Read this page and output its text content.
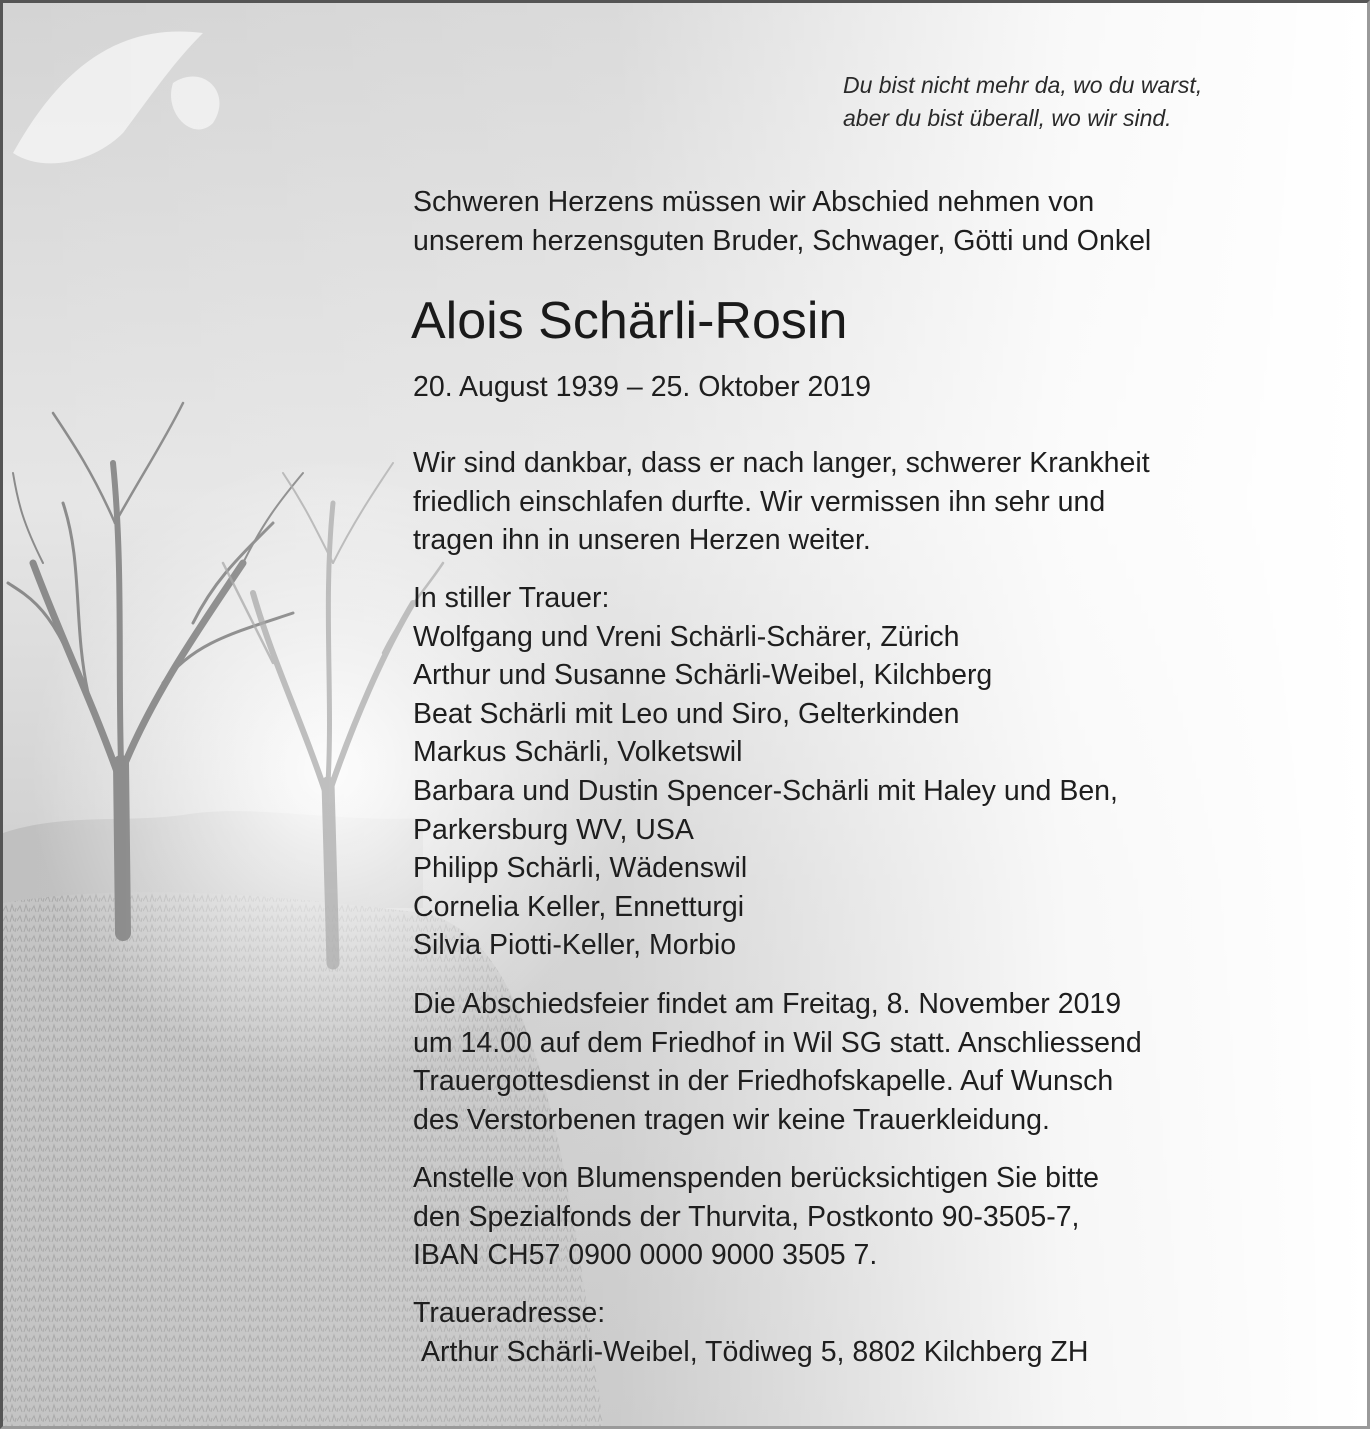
Du bist nicht mehr da, wo du warst,
aber du bist überall, wo wir sind.
Schweren Herzens müssen wir Abschied nehmen von
unserem herzensguten Bruder, Schwager, Götti und Onkel
Alois Schärli-Rosin
20. August 1939 – 25. Oktober 2019
Wir sind dankbar, dass er nach langer, schwerer Krankheit
friedlich einschlafen durfte. Wir vermissen ihn sehr und
tragen ihn in unseren Herzen weiter.
In stiller Trauer:
Wolfgang und Vreni Schärli-Schärer, Zürich
Arthur und Susanne Schärli-Weibel, Kilchberg
Beat Schärli mit Leo und Siro, Gelterkinden
Markus Schärli, Volketswil
Barbara und Dustin Spencer-Schärli mit Haley und Ben,
Parkersburg WV, USA
Philipp Schärli, Wädenswil
Cornelia Keller, Ennetturgi
Silvia Piotti-Keller, Morbio
Die Abschiedsfeier findet am Freitag, 8. November 2019
um 14.00 auf dem Friedhof in Wil SG statt. Anschliessend
Trauergottesdienst in der Friedhofskapelle. Auf Wunsch
des Verstorbenen tragen wir keine Trauerkleidung.
Anstelle von Blumenspenden berücksichtigen Sie bitte
den Spezialfonds der Thurvita, Postkonto 90-3505-7,
IBAN CH57 0900 0000 9000 3505 7.
Traueradresse:
Arthur Schärli-Weibel, Tödiweg 5, 8802 Kilchberg ZH
